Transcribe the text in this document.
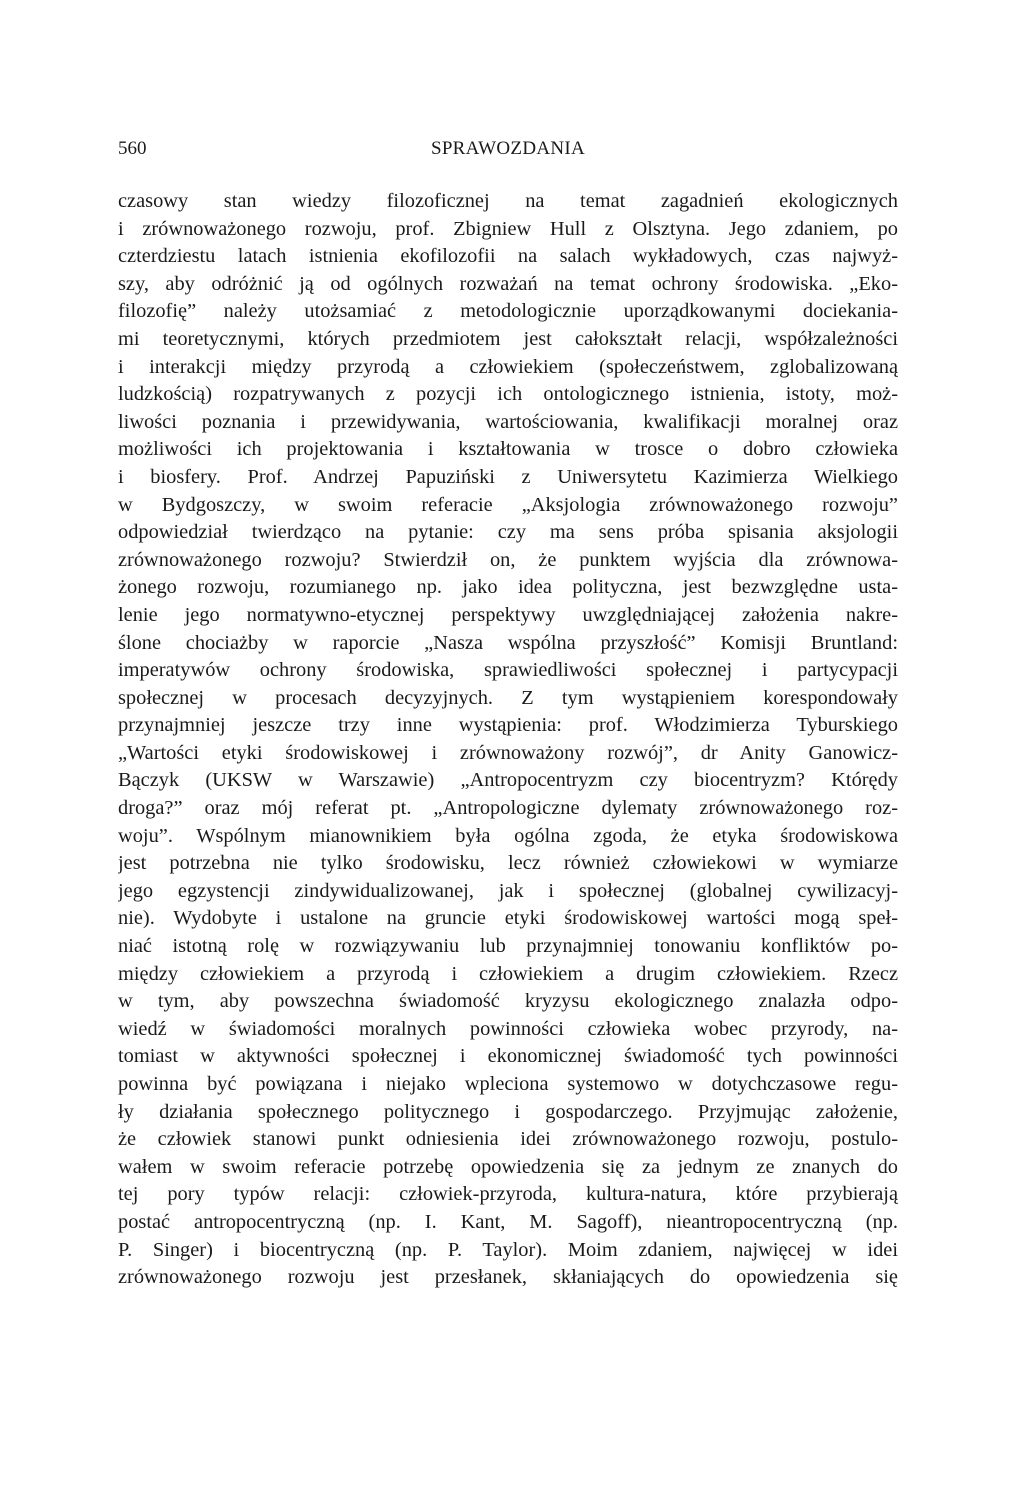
560	SPRAWOZDANIA
czasowy stan wiedzy filozoficznej na temat zagadnień ekologicznych
i zrównoważonego rozwoju, prof. Zbigniew Hull z Olsztyna. Jego zdaniem, po
czterdziestu latach istnienia ekofilozofii na salach wykładowych, czas najwyż-
szy, aby odróżnić ją od ogólnych rozważań na temat ochrony środowiska. „Eko-
filozofię” należy utożsamiać z metodologicznie uporządkowanymi dociekania-
mi teoretycznymi, których przedmiotem jest całokształt relacji, współzależności
i interakcji między przyrodą a człowiekiem (społeczeństwem, zglobalizowaną
ludzkością) rozpatrywanych z pozycji ich ontologicznego istnienia, istoty, moż-
liwości poznania i przewidywania, wartościowania, kwalifikacji moralnej oraz
możliwości ich projektowania i kształtowania w trosce o dobro człowieka
i biosfery. Prof. Andrzej Papuziński z Uniwersytetu Kazimierza Wielkiego
w Bydgoszczy, w swoim referacie „Aksjologia zrównoważonego rozwoju”
odpowiedział twierdząco na pytanie: czy ma sens próba spisania aksjologii
zrównoważonego rozwoju? Stwierdził on, że punktem wyjścia dla zrównowa-
żonego rozwoju, rozumianego np. jako idea polityczna, jest bezwzględne usta-
lenie jego normatywno-etycznej perspektywy uwzględniającej założenia nakre-
ślone chociażby w raporcie „Nasza wspólna przyszłość” Komisji Bruntland:
imperatywów ochrony środowiska, sprawiedliwości społecznej i partycypacji
społecznej w procesach decyzyjnych. Z tym wystąpieniem korespondowały
przynajmniej jeszcze trzy inne wystąpienia: prof. Włodzimierza Tyburskiego
„Wartości etyki środowiskowej i zrównoważony rozwój”, dr Anity Ganowicz-
Bączyk (UKSW w Warszawie) „Antropocentryzm czy biocentryzm? Którędy
droga?” oraz mój referat pt. „Antropologiczne dylematy zrównoważonego roz-
woju”. Wspólnym mianownikiem była ogólna zgoda, że etyka środowiskowa
jest potrzebna nie tylko środowisku, lecz również człowiekowi w wymiarze
jego egzystencji zindywidualizowanej, jak i społecznej (globalnej cywilizacyj-
nie). Wydobyte i ustalone na gruncie etyki środowiskowej wartości mogą speł-
niać istotną rolę w rozwiązywaniu lub przynajmniej tonowaniu konfliktów po-
między człowiekiem a przyrodą i człowiekiem a drugim człowiekiem. Rzecz
w tym, aby powszechna świadomość kryzysu ekologicznego znalazła odpo-
wiedź w świadomości moralnych powinności człowieka wobec przyrody, na-
tomiast w aktywności społecznej i ekonomicznej świadomość tych powinności
powinna być powiązana i niejako wpleciona systemowo w dotychczasowe regu-
ły działania społecznego politycznego i gospodarczego. Przyjmując założenie,
że człowiek stanowi punkt odniesienia idei zrównoważonego rozwoju, postulo-
wałem w swoim referacie potrzebę opowiedzenia się za jednym ze znanych do
tej pory typów relacji: człowiek-przyroda, kultura-natura, które przybierają
postać antropocentryczną (np. I. Kant, M. Sagoff), nieantropocentryczną (np.
P. Singer) i biocentryczną (np. P. Taylor). Moim zdaniem, najwięcej w idei
zrównoważonego rozwoju jest przesłanek, skłaniających do opowiedzenia się
